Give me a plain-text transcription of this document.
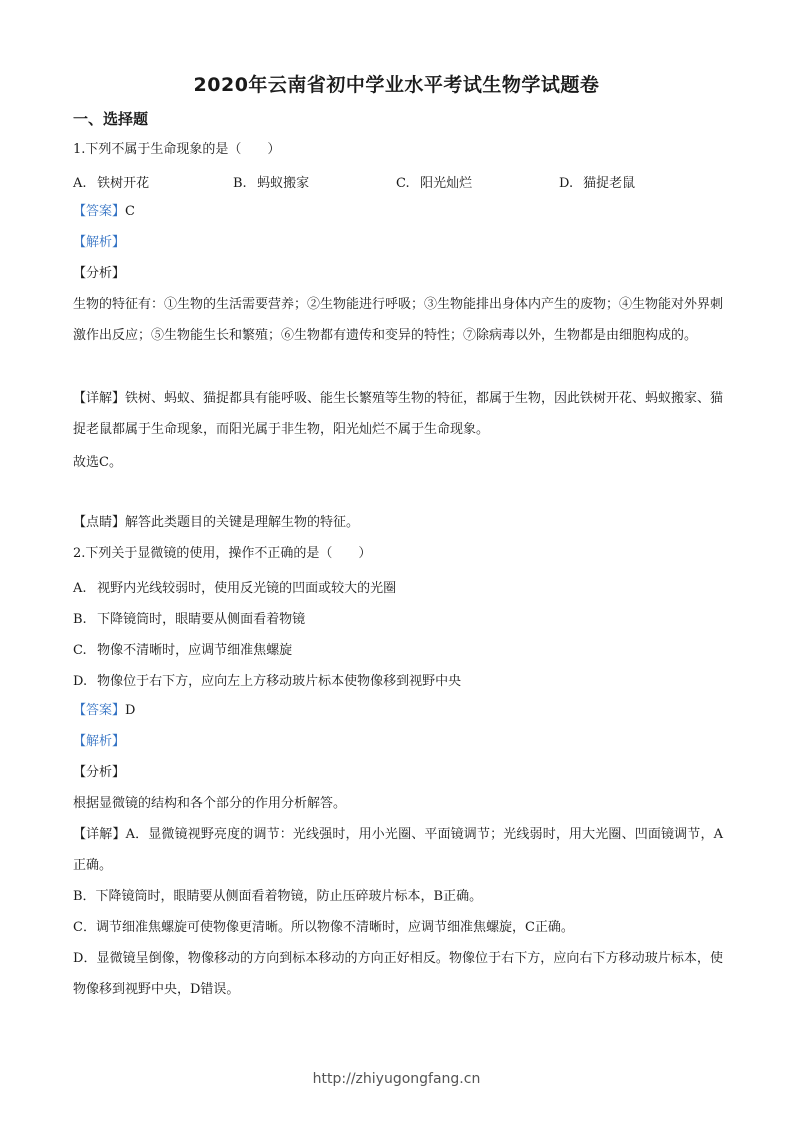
2020年云南省初中学业水平考试生物学试题卷
一、选择题
1.下列不属于生命现象的是（　　）
A. 铁树开花	B. 蚂蚁搬家	C. 阳光灿烂	D. 猫捉老鼠
【答案】C
【解析】
【分析】
生物的特征有：①生物的生活需要营养；②生物能进行呼吸；③生物能排出身体内产生的废物；④生物能对外界刺激作出反应；⑤生物能生长和繁殖；⑥生物都有遗传和变异的特性；⑦除病毒以外，生物都是由细胞构成的。
【详解】铁树、蚂蚁、猫捉都具有能呼吸、能生长繁殖等生物的特征，都属于生物，因此铁树开花、蚂蚁搬家、猫捉老鼠都属于生命现象，而阳光属于非生物，阳光灿烂不属于生命现象。
故选C。
【点睛】解答此类题目的关键是理解生物的特征。
2.下列关于显微镜的使用，操作不正确的是（　　）
A. 视野内光线较弱时，使用反光镜的凹面或较大的光圈
B. 下降镜筒时，眼睛要从侧面看着物镜
C. 物像不清晰时，应调节细准焦螺旋
D. 物像位于右下方，应向左上方移动玻片标本使物像移到视野中央
【答案】D
【解析】
【分析】
根据显微镜的结构和各个部分的作用分析解答。
【详解】A．显微镜视野亮度的调节：光线强时，用小光圈、平面镜调节；光线弱时，用大光圈、凹面镜调节，A正确。
B．下降镜筒时，眼睛要从侧面看着物镜，防止压碎玻片标本，B正确。
C．调节细准焦螺旋可使物像更清晰。所以物像不清晰时，应调节细准焦螺旋，C正确。
D．显微镜呈倒像，物像移动的方向到标本移动的方向正好相反。物像位于右下方，应向右下方移动玻片标本，使物像移到视野中央，D错误。
http://zhiyugongfang.cn
